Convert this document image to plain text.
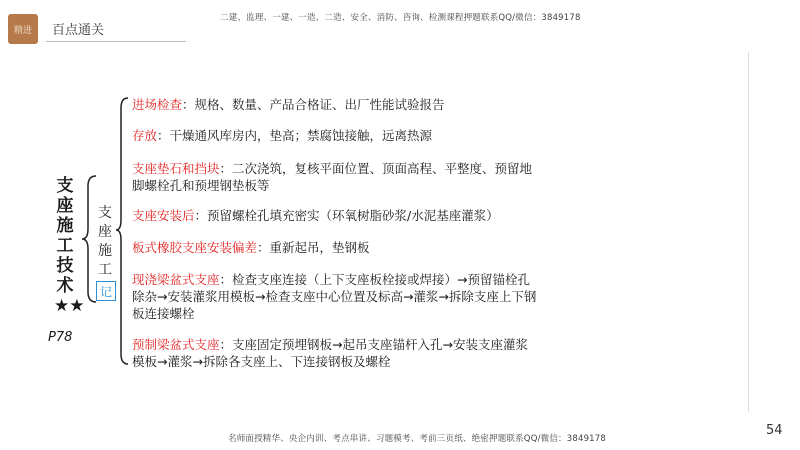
精进	百点通关
二建、监理、一建、一造、二造、安全、消防、咨询、检测课程押题联系QQ/微信：3849178
支座施工技术★★
P78
支座施工
记
进场检查：规格、数量、产品合格证、出厂性能试验报告
存放：干燥通风库房内，垫高；禁腐蚀接触，远离热源
支座垫石和挡块：二次浇筑，复核平面位置、顶面高程、平整度、预留地脚螺栓孔和预埋钢垫板等
支座安装后：预留螺栓孔填充密实（环氧树脂砂浆/水泥基座灌浆）
板式橡胶支座安装偏差：重新起吊，垫钢板
现浇梁盆式支座：检查支座连接（上下支座板栓接或焊接）→预留锚栓孔除杂→安装灌浆用模板→检查支座中心位置及标高→灌浆→拆除支座上下钢板连接螺栓
预制梁盆式支座：支座固定预埋钢板→起吊支座锚杆入孔→安装支座灌浆模板→灌浆→拆除各支座上、下连接钢板及螺栓
名师面授精华、央企内训、考点串讲、习题模考、考前三页纸、绝密押题联系QQ/微信：3849178
54
